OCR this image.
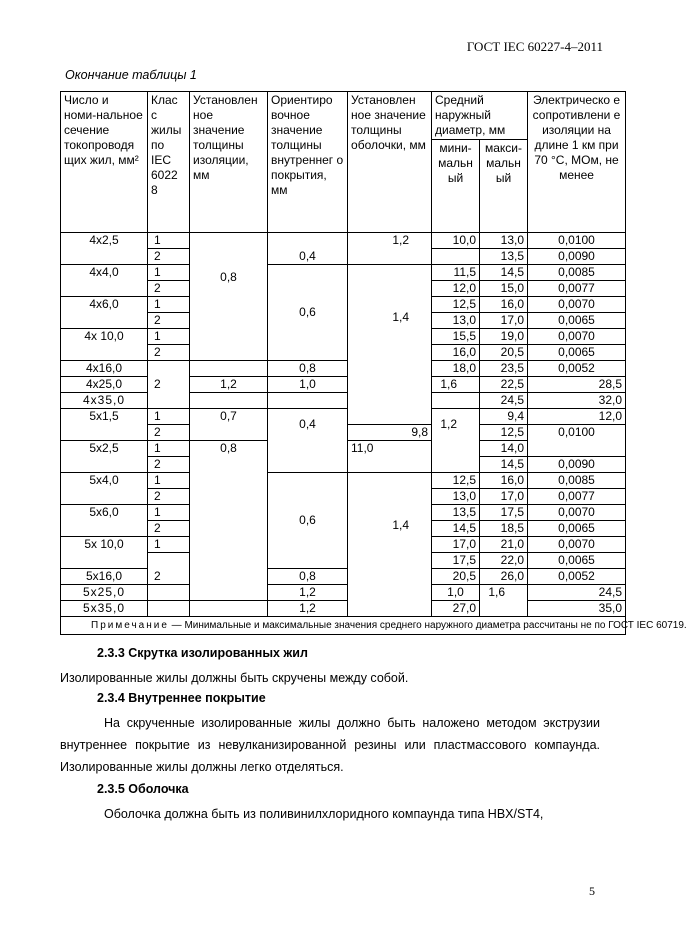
ГОСТ IEC 60227-4–2011
Окончание таблицы 1
Число и номи-нальное сечение токопроводя щих жил, мм²	Клас с жилы по IEC 6022 8	Установлен ное значение толщины изоляции, мм	Ориентиро вочное значение толщины внутреннег о покрытия, мм	Установлен ное значение толщины оболочки, мм	Средний наружный диаметр, мм		Электрическо е сопротивлени е изоляции на длине 1 км при 70 °С, МОм, не менее	
					мини-мальн ый	макси-мальн ый		
4x2,5	1	0,8	0,4	1,2	10,0	13,0	0,0100	
	2					13,5	0,0090	
4x4,0	1		0,6	1,4	11,5	14,5	0,0085	
	2				12,0	15,0	0,0077	
4x6,0	1				12,5	16,0	0,0070	
	2				13,0	17,0	0,0065	
4x 10,0	1				15,5	19,0	0,0070	
	2				16,0	20,5	0,0065	
4x16,0	2		0,8		18,0	23,5	0,0052	
4x25,0		1,2	1,0		1,6	22,5	28,5	
4x35,0						24,5	32,0	
5x1,5	1	0,7	0,4		1,2	9,4	12,0	
	2			9,8		12,5	0,0100	
5x2,5	1	0,8		11,0		14,0		
	2					14,5	0,0090	
5x4,0	1		0,6	1,4	12,5	16,0	0,0085	
	2				13,0	17,0	0,0077	
5x6,0	1				13,5	17,5	0,0070	
	2				14,5	18,5	0,0065	
5x 10,0	1				17,0	21,0	0,0070	
	2				17,5	22,0	0,0065	
5x16,0			0,8		20,5	26,0	0,0052	
5x25,0			1,2		1,0	1,6	24,5		
5x35,0			1,2		27,0		35,0	
Примечание — Минимальные и максимальные значения среднего наружного диаметра рассчитаны не по ГОСТ IEC 60719.								
2.3.3 Скрутка изолированных жил
Изолированные жилы должны быть скручены между собой.
2.3.4 Внутреннее покрытие
На скрученные изолированные жилы должно быть наложено методом экструзии внутреннее покрытие из невулканизированной резины или пластмассового компаунда. Изолированные жилы должны легко отделяться.
2.3.5 Оболочка
Оболочка должна быть из поливинилхлоридного компаунда типа HBX/ST4,
5
